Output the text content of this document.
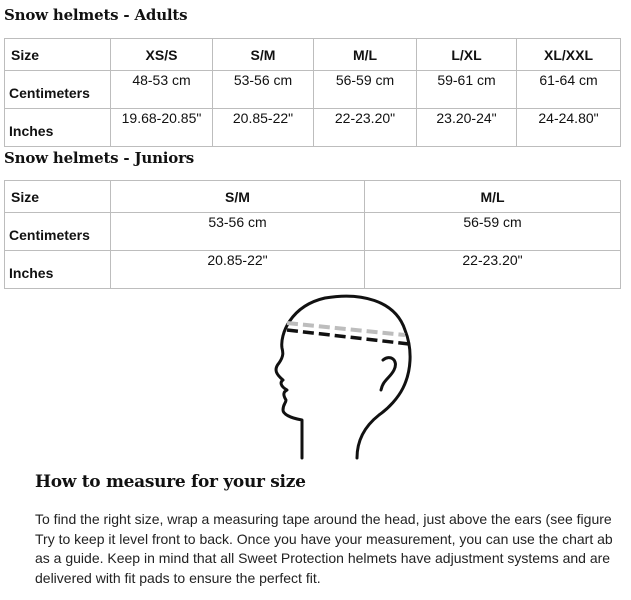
Snow helmets - Adults
Size	XS/S	S/M	M/L	L/XL	XL/XXL
Centimeters	48-53 cm	53-56 cm	56-59 cm	59-61 cm	61-64 cm
Inches	19.68-20.85"	20.85-22"	22-23.20"	23.20-24"	24-24.80"
Snow helmets - Juniors
Size	S/M	M/L
Centimeters	53-56 cm	56-59 cm
Inches	20.85-22"	22-23.20"
How to measure for your size
To find the right size, wrap a measuring tape around the head, just above the ears (see figure
Try to keep it level front to back. Once you have your measurement, you can use the chart ab
as a guide. Keep in mind that all Sweet Protection helmets have adjustment systems and are
delivered with fit pads to ensure the perfect fit.
